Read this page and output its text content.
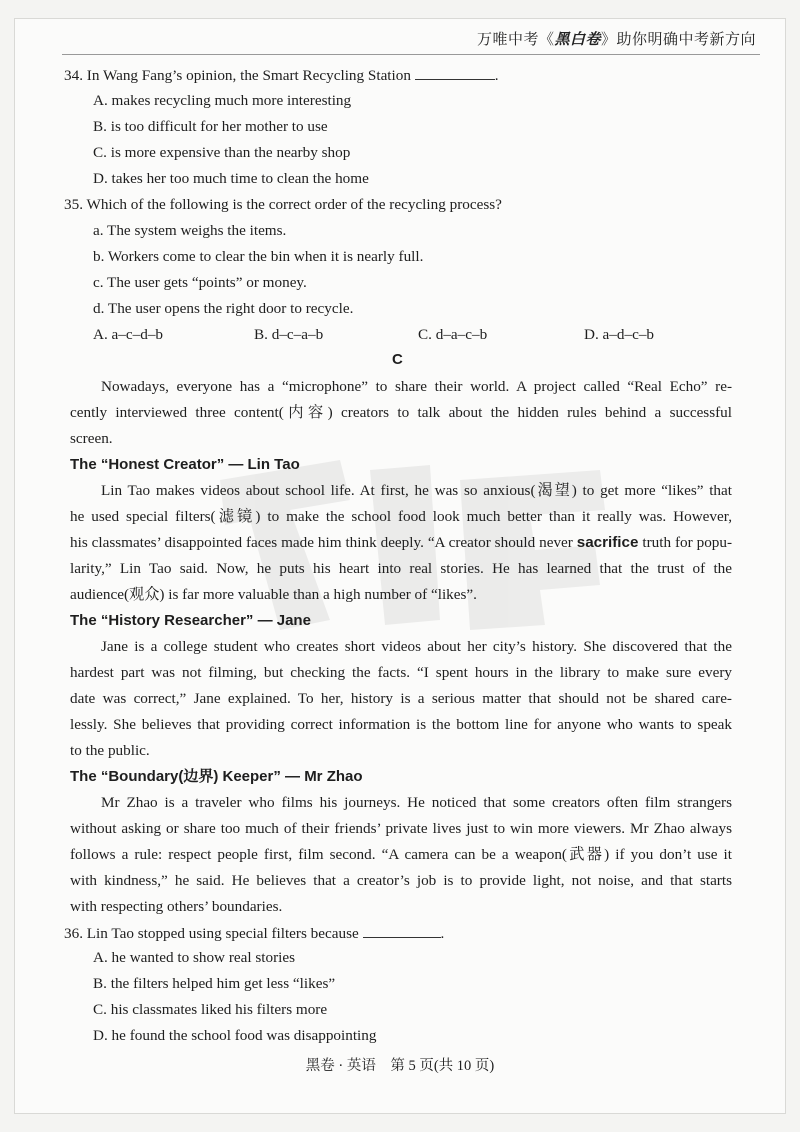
万唯中考《黑白卷》助你明确中考新方向
34. In Wang Fang’s opinion, the Smart Recycling Station	.
A. makes recycling much more interesting
B. is too difficult for her mother to use
C. is more expensive than the nearby shop
D. takes her too much time to clean the home
35. Which of the following is the correct order of the recycling process?
a. The system weighs the items.
b. Workers come to clear the bin when it is nearly full.
c. The user gets “points” or money.
d. The user opens the right door to recycle.
A. a–c–d–b	B. d–c–a–b	C. d–a–c–b	D. a–d–c–b
C
Nowadays, everyone has a “microphone” to share their world. A project called “Real Echo” re-
cently interviewed three content(内容) creators to talk about the hidden rules behind a successful
screen.
The “Honest Creator” — Lin Tao
Lin Tao makes videos about school life. At first, he was so anxious(渴望) to get more “likes” that
he used special filters(滤镜) to make the school food look much better than it really was. However,
his classmates’ disappointed faces made him think deeply. “A creator should never sacrifice truth for popu-
larity,” Lin Tao said. Now, he puts his heart into real stories. He has learned that the trust of the
audience(观众) is far more valuable than a high number of “likes”.
The “History Researcher” — Jane
Jane is a college student who creates short videos about her city’s history. She discovered that the
hardest part was not filming, but checking the facts. “I spent hours in the library to make sure every
date was correct,” Jane explained. To her, history is a serious matter that should not be shared care-
lessly. She believes that providing correct information is the bottom line for anyone who wants to speak
to the public.
The “Boundary(边界) Keeper” — Mr Zhao
Mr Zhao is a traveler who films his journeys. He noticed that some creators often film strangers
without asking or share too much of their friends’ private lives just to win more viewers. Mr Zhao always
follows a rule: respect people first, film second. “A camera can be a weapon(武器) if you don’t use it
with kindness,” he said. He believes that a creator’s job is to provide light, not noise, and that starts
with respecting others’ boundaries.
36. Lin Tao stopped using special filters because	.
A. he wanted to show real stories
B. the filters helped him get less “likes”
C. his classmates liked his filters more
D. he found the school food was disappointing
黑卷 · 英语　第 5 页(共 10 页)
